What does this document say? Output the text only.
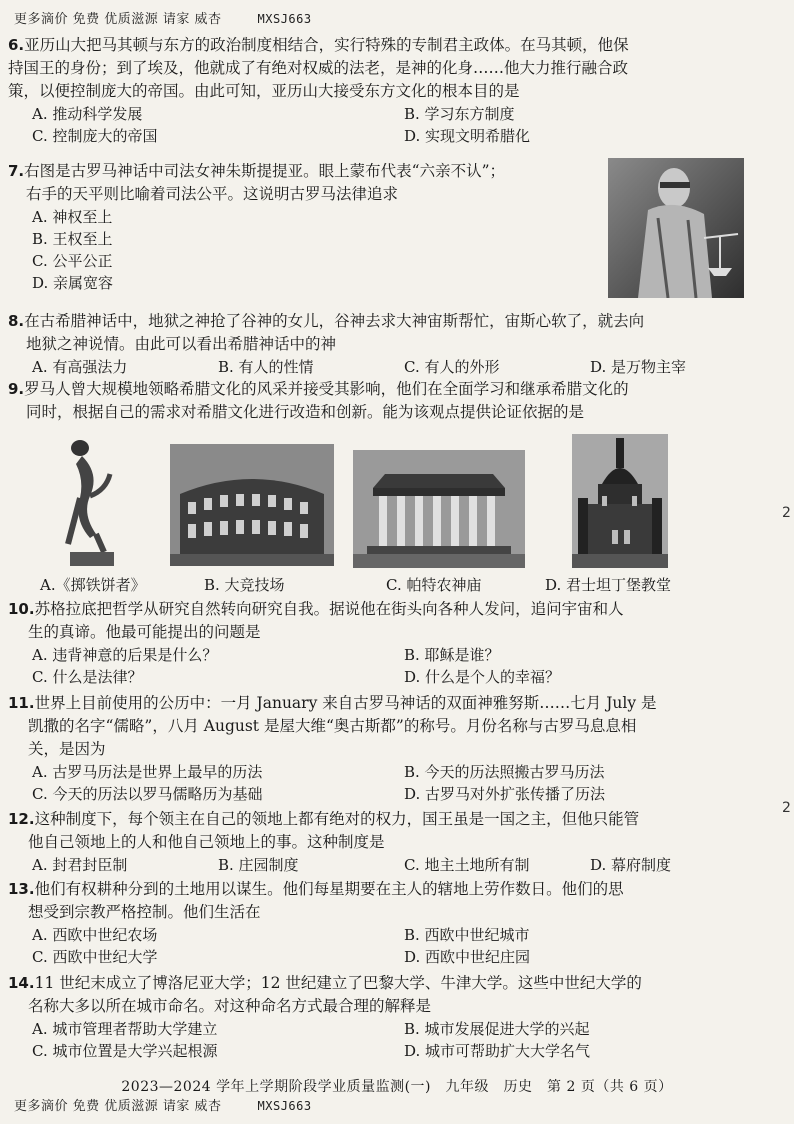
更多滴价 免费 优质滋源 请家 威杏	MXSJ663

6.亚历山大把马其顿与东方的政治制度相结合，实行特殊的专制君主政体。在马其顿，他保

持国王的身份；到了埃及，他就成了有绝对权威的法老，是神的化身……他大力推行融合政

策，以便控制庞大的帝国。由此可知，亚历山大接受东方文化的根本目的是

A. 推动科学发展	B. 学习东方制度
C. 控制庞大的帝国	D. 实现文明希腊化

7.右图是古罗马神话中司法女神朱斯提提亚。眼上蒙布代表“六亲不认”；

右手的天平则比喻着司法公平。这说明古罗马法律追求

A. 神权至上
B. 王权至上
C. 公平公正
D. 亲属宽容

8.在古希腊神话中，地狱之神抢了谷神的女儿，谷神去求大神宙斯帮忙，宙斯心软了，就去向

地狱之神说情。由此可以看出希腊神话中的神

A. 有高强法力	B. 有人的性情	C. 有人的外形	D. 是万物主宰

9.罗马人曾大规模地领略希腊文化的风采并接受其影响，他们在全面学习和继承希腊文化的

同时，根据自己的需求对希腊文化进行改造和创新。能为该观点提供论证依据的是

A.《掷铁饼者》	B. 大竞技场	C. 帕特农神庙	D. 君士坦丁堡教堂

10.苏格拉底把哲学从研究自然转向研究自我。据说他在街头向各种人发问，追问宇宙和人

生的真谛。他最可能提出的问题是

A. 违背神意的后果是什么？	B. 耶稣是谁？
C. 什么是法律？	D. 什么是个人的幸福？

11.世界上目前使用的公历中：一月 January 来自古罗马神话的双面神雅努斯……七月 July 是

凯撒的名字“儒略”，八月 August 是屋大维“奥古斯都”的称号。月份名称与古罗马息息相

关，是因为

A. 古罗马历法是世界上最早的历法	B. 今天的历法照搬古罗马历法
C. 今天的历法以罗马儒略历为基础	D. 古罗马对外扩张传播了历法

12.这种制度下，每个领主在自己的领地上都有绝对的权力，国王虽是一国之主，但他只能管

他自己领地上的人和他自己领地上的事。这种制度是

A. 封君封臣制	B. 庄园制度	C. 地主土地所有制	D. 幕府制度

13.他们有权耕种分到的土地用以谋生。他们每星期要在主人的辖地上劳作数日。他们的思

想受到宗教严格控制。他们生活在

A. 西欧中世纪农场	B. 西欧中世纪城市
C. 西欧中世纪大学	D. 西欧中世纪庄园

14.11 世纪末成立了博洛尼亚大学；12 世纪建立了巴黎大学、牛津大学。这些中世纪大学的

名称大多以所在城市命名。对这种命名方式最合理的解释是

A. 城市管理者帮助大学建立	B. 城市发展促进大学的兴起
C. 城市位置是大学兴起根源	D. 城市可帮助扩大大学名气
2023—2024 学年上学期阶段学业质量监测(一)　九年级　历史　第 2 页（共 6 页）
更多滴价 免费 优质滋源 请家 威杏	MXSJ663
2
2
